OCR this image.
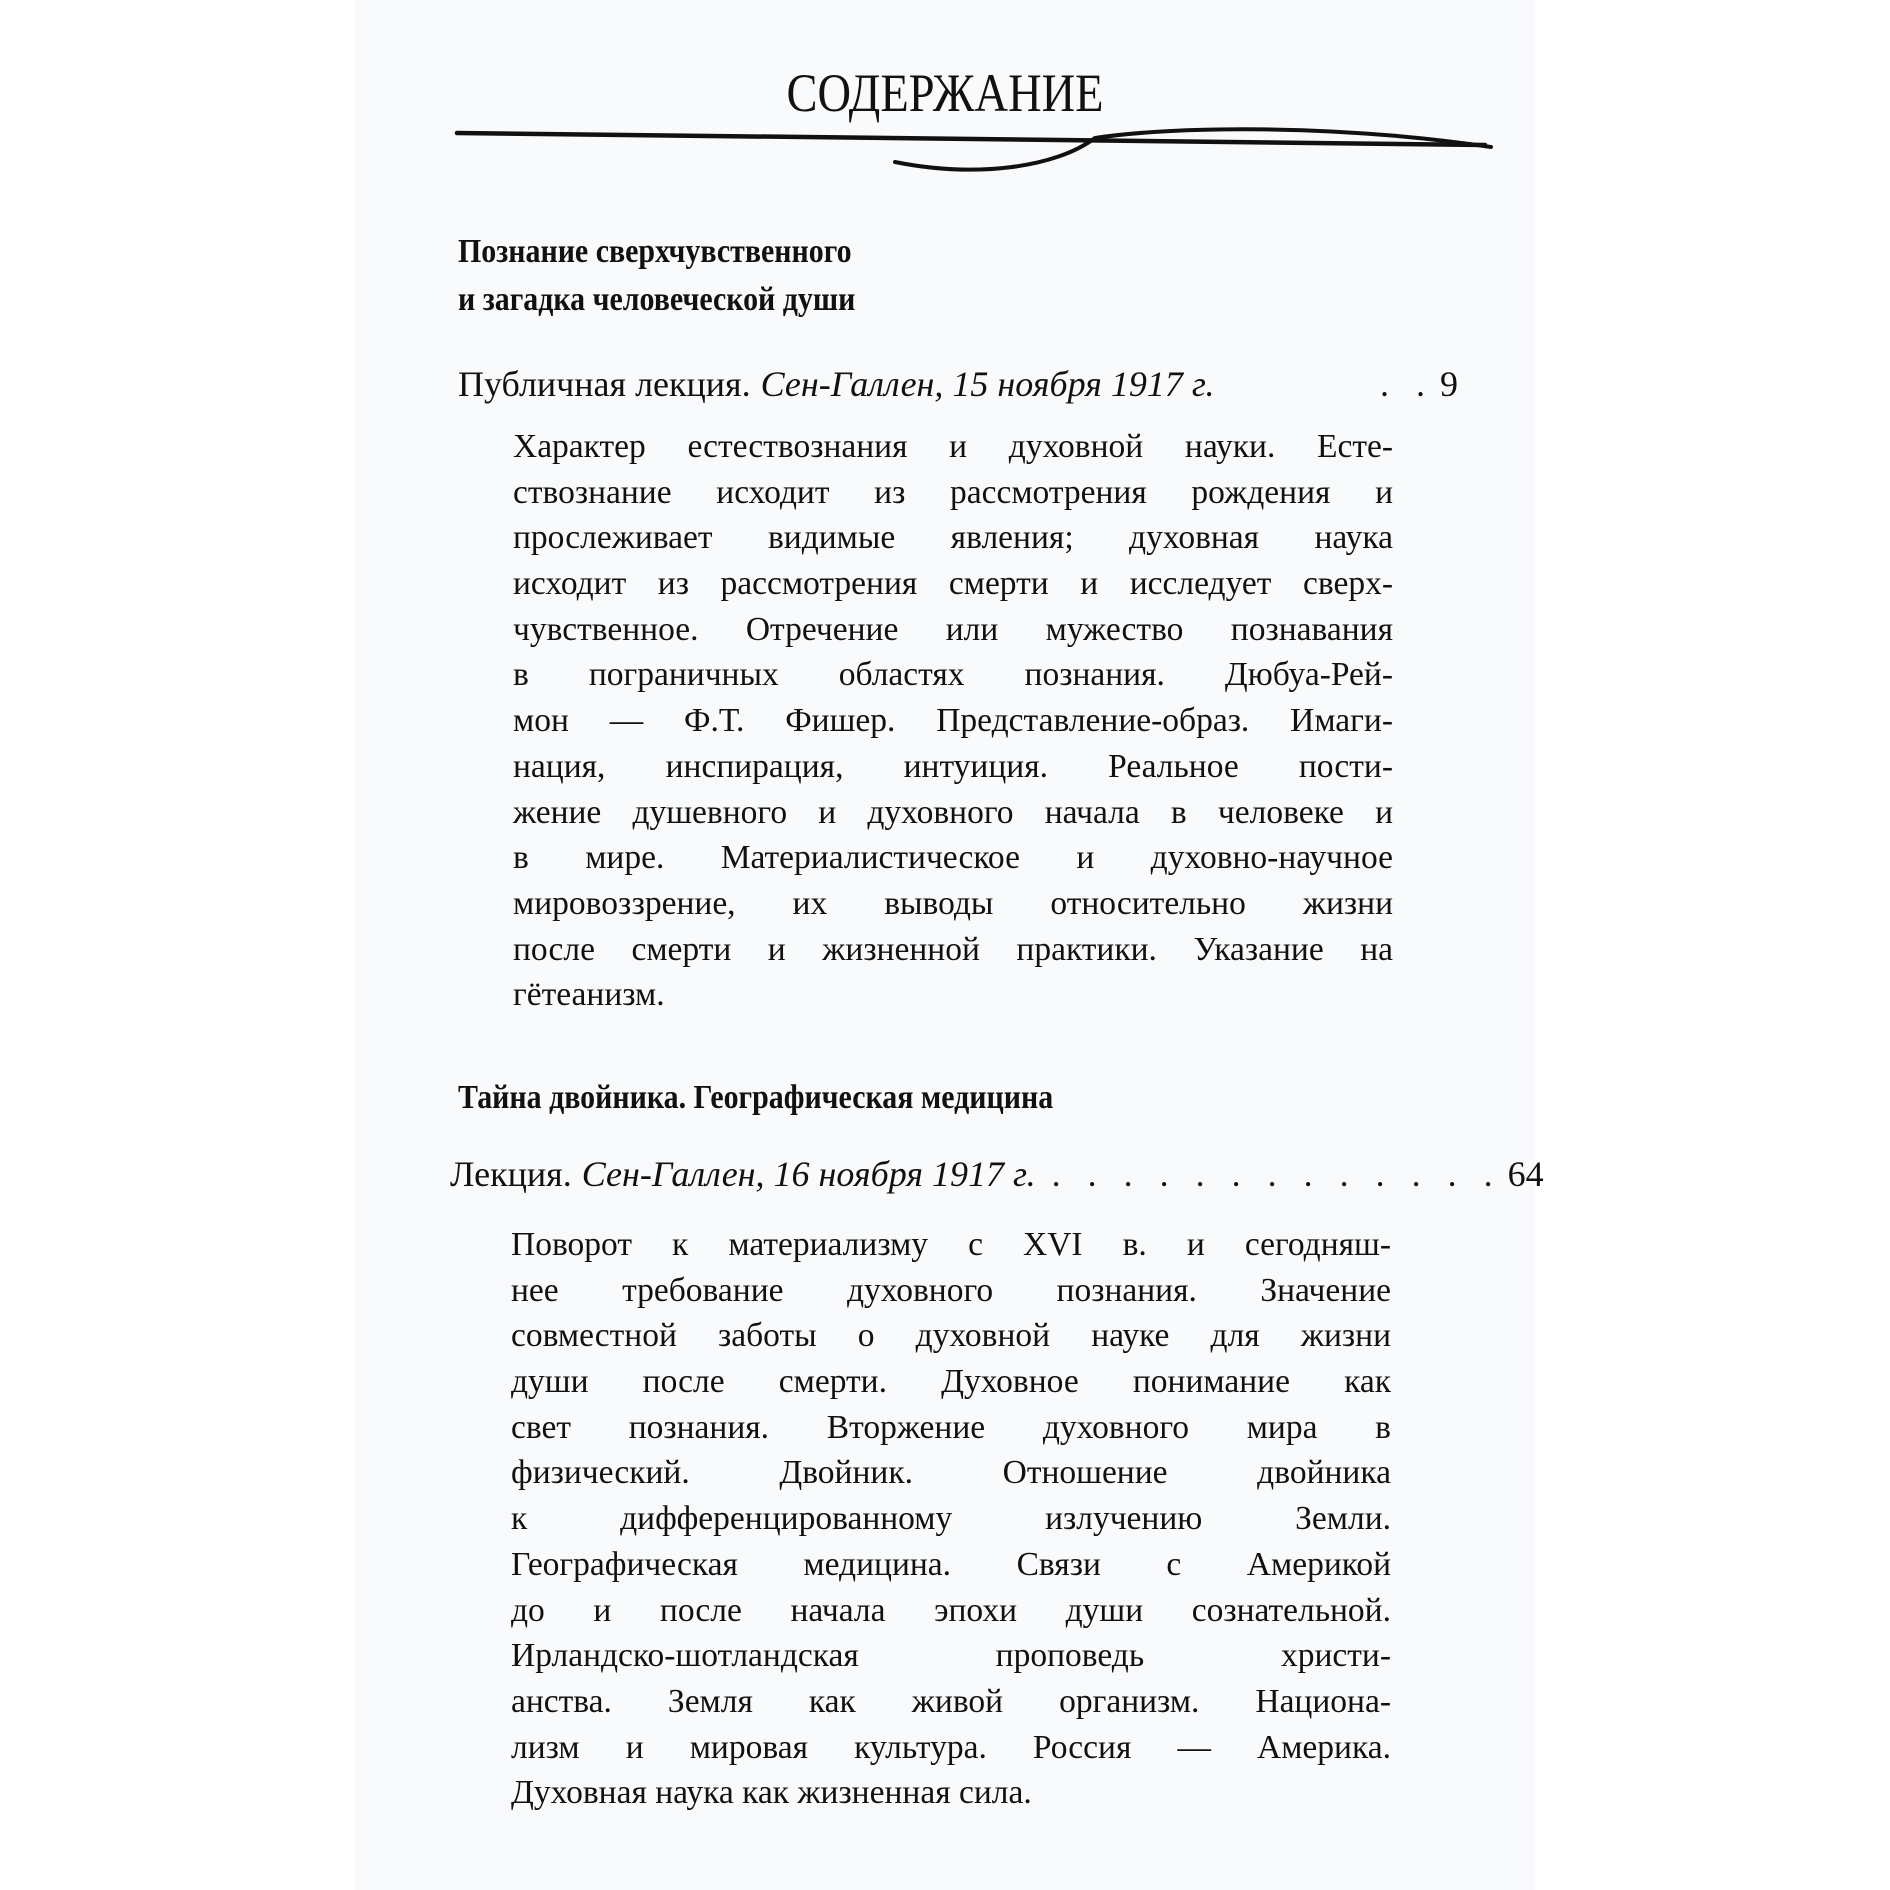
СОДЕРЖАНИЕ
Познание сверхчувственного
и загадка человеческой души
Публичная лекция. Сен-Галлен, 15 ноября 1917 г.	. . 9
Характер естествознания и духовной науки. Есте-
ствознание исходит из рассмотрения рождения и
прослеживает видимые явления; духовная наука
исходит из рассмотрения смерти и исследует сверх-
чувственное. Отречение или мужество познавания
в пограничных областях познания. Дюбуа-Рей-
мон — Ф.Т. Фишер. Представление-образ. Имаги-
нация, инспирация, интуиция. Реальное пости-
жение душевного и духовного начала в человеке и
в мире. Материалистическое и духовно-научное
мировоззрение, их выводы относительно жизни
после смерти и жизненной практики. Указание на
гётеанизм.
Тайна двойника. Географическая медицина
Лекция. Сен-Галлен, 16 ноября 1917 г. . . . . . . . . . . . . . 64
Поворот к материализму с XVI в. и сегодняш-
нее требование духовного познания. Значение
совместной заботы о духовной науке для жизни
души после смерти. Духовное понимание как
свет познания. Вторжение духовного мира в
физический. Двойник. Отношение двойника
к дифференцированному излучению Земли.
Географическая медицина. Связи с Америкой
до и после начала эпохи души сознательной.
Ирландско-шотландская проповедь христи-
анства. Земля как живой организм. Национа-
лизм и мировая культура. Россия — Америка.
Духовная наука как жизненная сила.
